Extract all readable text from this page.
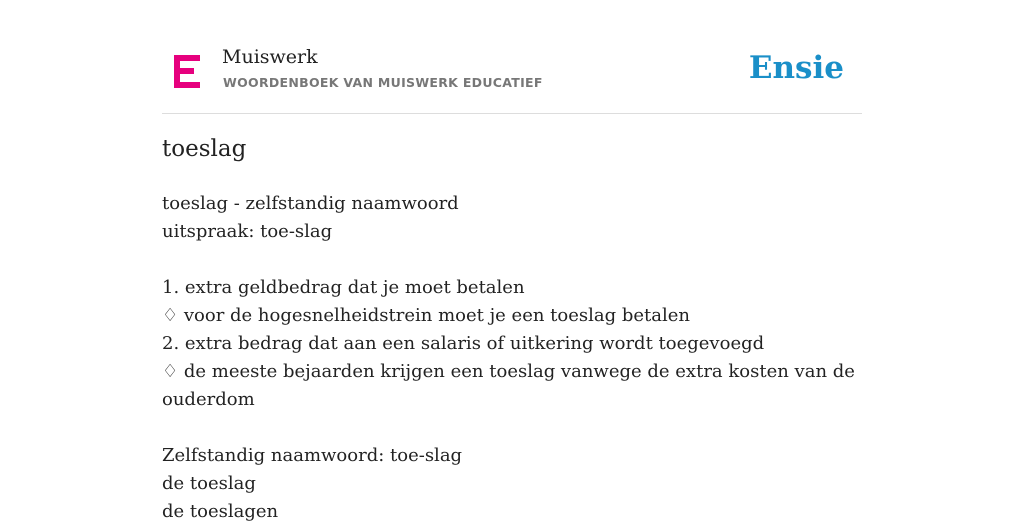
Muiswerk
WOORDENBOEK VAN MUISWERK EDUCATIEF	Ensie
toeslag
toeslag - zelfstandig naamwoord
uitspraak: toe-slag
1. extra geldbedrag dat je moet betalen
♢ voor de hogesnelheidstrein moet je een toeslag betalen
2. extra bedrag dat aan een salaris of uitkering wordt toegevoegd
♢ de meeste bejaarden krijgen een toeslag vanwege de extra kosten van de ouderdom
Zelfstandig naamwoord: toe-slag
de toeslag
de toeslagen
